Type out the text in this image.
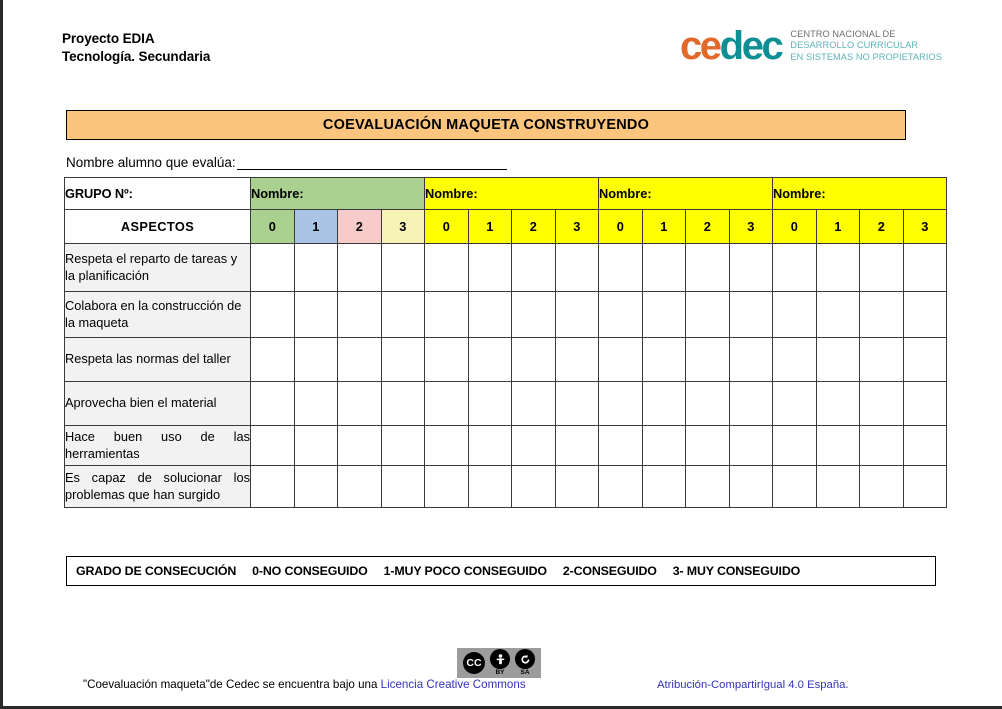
Proyecto EDIA
Tecnología. Secundaria	cedec CENTRO NACIONAL DE
DESARROLLO CURRICULAR
EN SISTEMAS NO PROPIETARIOS
COEVALUACIÓN MAQUETA CONSTRUYENDO
Nombre alumno que evalúa:
GRUPO Nº:	Nombre:				Nombre:				Nombre:				Nombre:			
ASPECTOS	0	1	2	3	0	1	2	3	0	1	2	3	0	1	2	3
Respeta el reparto de tareas y la planificación																
Colabora en la construcción de la maqueta																
Respeta las normas del taller																
Aprovecha bien el material																
Hace buen uso de las herramientas																
Es capaz de solucionar los problemas que han surgido																
GRADO DE CONSECUCIÓN 0-NO CONSEGUIDO 1-MUY POCO CONSEGUIDO 2-CONSEGUIDO 3- MUY CONSEGUIDO
CC
BY SA
"Coevaluación maqueta"de Cedec se encuentra bajo una Licencia Creative Commons	Atribución-CompartirIgual 4.0 España.
